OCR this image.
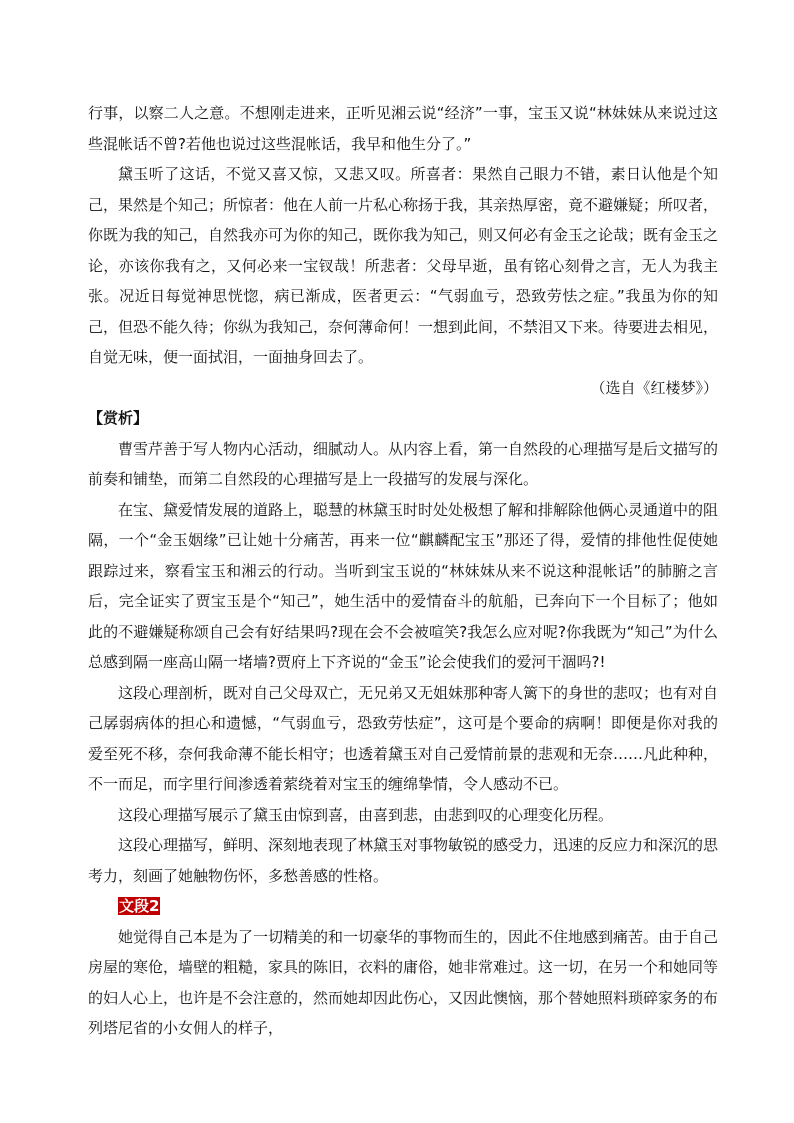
行事，以察二人之意。不想刚走进来，正听见湘云说“经济”一事，宝玉又说“林妹妹从来说过这些混帐话不曾?若他也说过这些混帐话，我早和他生分了。”

黛玉听了这话，不觉又喜又惊，又悲又叹。所喜者：果然自己眼力不错，素日认他是个知己，果然是个知己；所惊者：他在人前一片私心称扬于我，其亲热厚密，竟不避嫌疑；所叹者，你既为我的知己，自然我亦可为你的知己，既你我为知己，则又何必有金玉之论哉；既有金玉之论，亦该你我有之，又何必来一宝钗哉！所悲者：父母早逝，虽有铭心刻骨之言，无人为我主张。况近日每觉神思恍惚，病已渐成，医者更云：“气弱血亏，恐致劳怯之症。”我虽为你的知己，但恐不能久待；你纵为我知己，奈何薄命何！一想到此间，不禁泪又下来。待要进去相见，自觉无味，便一面拭泪，一面抽身回去了。

（选自《红楼梦》）

【赏析】

曹雪芹善于写人物内心活动，细腻动人。从内容上看，第一自然段的心理描写是后文描写的前奏和铺垫，而第二自然段的心理描写是上一段描写的发展与深化。

在宝、黛爱情发展的道路上，聪慧的林黛玉时时处处极想了解和排解除他俩心灵通道中的阻隔，一个“金玉姻缘”已让她十分痛苦，再来一位“麒麟配宝玉”那还了得，爱情的排他性促使她跟踪过来，察看宝玉和湘云的行动。当听到宝玉说的“林妹妹从来不说这种混帐话”的肺腑之言后，完全证实了贾宝玉是个“知己”，她生活中的爱情奋斗的航船，已奔向下一个目标了；他如此的不避嫌疑称颂自己会有好结果吗?现在会不会被喧笑?我怎么应对呢?你我既为“知己”为什么总感到隔一座高山隔一堵墙?贾府上下齐说的“金玉”论会使我们的爱河干涸吗?!

这段心理剖析，既对自己父母双亡，无兄弟又无姐妹那种寄人篱下的身世的悲叹；也有对自己孱弱病体的担心和遗憾，“气弱血亏，恐致劳怯症”，这可是个要命的病啊！即便是你对我的爱至死不移，奈何我命薄不能长相守；也透着黛玉对自己爱情前景的悲观和无奈……凡此种种，不一而足，而字里行间渗透着萦绕着对宝玉的缠绵挚情，令人感动不已。

这段心理描写展示了黛玉由惊到喜，由喜到悲，由悲到叹的心理变化历程。

这段心理描写，鲜明、深刻地表现了林黛玉对事物敏锐的感受力，迅速的反应力和深沉的思考力，刻画了她触物伤怀，多愁善感的性格。

文段2

她觉得自己本是为了一切精美的和一切豪华的事物而生的，因此不住地感到痛苦。由于自己房屋的寒伧，墙壁的粗糙，家具的陈旧，衣料的庸俗，她非常难过。这一切，在另一个和她同等的妇人心上，也许是不会注意的，然而她却因此伤心，又因此懊恼，那个替她照料琐碎家务的布列塔尼省的小女佣人的样子，
